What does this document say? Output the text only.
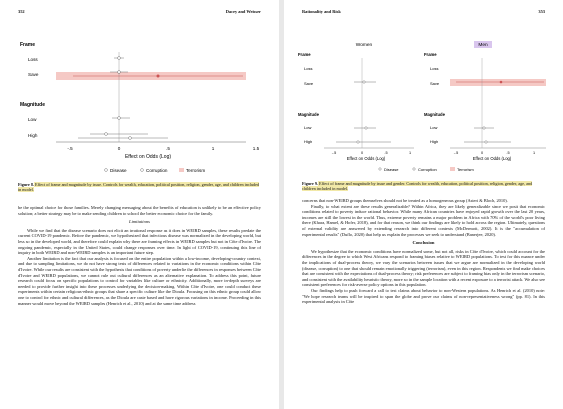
352	Dacey and Weisser
Frame
Loss
Save
Magnitude
Low
High
-.5	0	.5	1	1.5
Effect on Odds (Log)
Disease	Corruption	Terrorism
Figure 8. Effect of frame and magnitude by issue. Controls for wealth, education, political position, religion, gender, age, and children included in model.

be the optimal choice for those families. Merely changing messaging about the benefits of education is unlikely to be an effective policy solution; a better strategy may be to make sending children to school the better economic choice for the family.

Limitations

While we find that the disease scenario does not elicit an irrational response as it does in WEIRD samples, these results predate the current COVID-19 pandemic. Before the pandemic, we hypothesized that infectious disease was normalized in the developing world, but less so in the developed world, and therefore could explain why there are framing effects in WEIRD samples but not in Côte d'Ivoire. The ongoing pandemic, especially in the United States, could change responses over time. In light of COVID-19, continuing this line of inquiry in both WEIRD and non-WEIRD samples is an important future step.

Another limitation is the fact that our analysis is focused on the entire population within a low-income, developing-country context, and due to sampling limitations, we do not have strong tests of differences related to variations in the economic conditions within Côte d'Ivoire. While our results are consistent with the hypothesis that conditions of poverty underlie the differences in responses between Côte d'Ivoire and WEIRD populations, we cannot rule out cultural differences as an alternative explanation. To address this point, future research could focus on specific populations to control for variables like culture or ethnicity. Additionally, more in-depth surveys are needed to provide further insight into these processes underlying the decision-making. Within Côte d'Ivoire, one could conduct these experiments within certain religious-ethnic groups that share a specific culture like the Dioula. Focusing on this ethnic group could allow one to control for ethnic and cultural differences, as the Dioula are caste based and have rigorous variations in income. Proceeding in this manner would move beyond the WEIRD samples (Henrich et al., 2010) and at the same time address

Rationality and Risk	353
Women
Frame
Loss
Save
Magnitude
Low
High
-.5	0	.5	1
Effect on Odds (Log)
Men
Frame
Loss
Save
Magnitude
Low
High
-.5	0	.5	1
Effect on Odds (Log)
Disease	Corruption	Terrorism
Figure 9. Effect of frame and magnitude by issue and gender. Controls for wealth, education, political position, religion, gender, age, and children included in model.

concerns that non-WEIRD groups themselves should not be treated as a homogeneous group (Asteri & Bloch, 2010).

Finally, to what extent are these results generalizable? Within Africa, they are likely generalizable since we posit that economic conditions related to poverty induce rational behavior. While many African countries have enjoyed rapid growth over the last 20 years, incomes are still the lowest in the world. Thus, extreme poverty remains a major problem in Africa with 70% of the world's poor living there (Khara, Hamel, & Hofer, 2018), and for that reason, we think our findings are likely to hold across the region. Ultimately, questions of external validity are answered by extending research into different contexts (McDermott, 2002). It is the "accumulation of experimental results" (Duflo, 2020) that help us explain the processes we seek to understand (Banerjee, 2020).

Conclusion

We hypothesize that the economic conditions have normalized some, but not all, risks in Côte d'Ivoire, which could account for the differences in the degree to which West Africans respond to framing biases relative to WEIRD populations. To test for this nuance under the implications of dual-process theory, we vary the scenarios between issues that we argue are normalized in the developing world (disease, corruption) to one that should remain emotionally triggering (terrorism), even in this region. Respondents we find make choices that are consistent with the expectations of dual-process theory; risk preferences are subject to framing bias only in the terrorism scenario, and consistent with the availability heuristic theory, more so in the sample location with a recent exposure to a terrorist attack. We also see consistent preferences for risk-averse policy options in this population.

Our findings help to push forward a call to test claims about behavior to non-Western populations. As Henrich et al. (2010) note: "We hope research teams will be inspired to span the globe and prove our claims of non-representativeness wrong" (pp. 81). In this experimental analysis in Côte
